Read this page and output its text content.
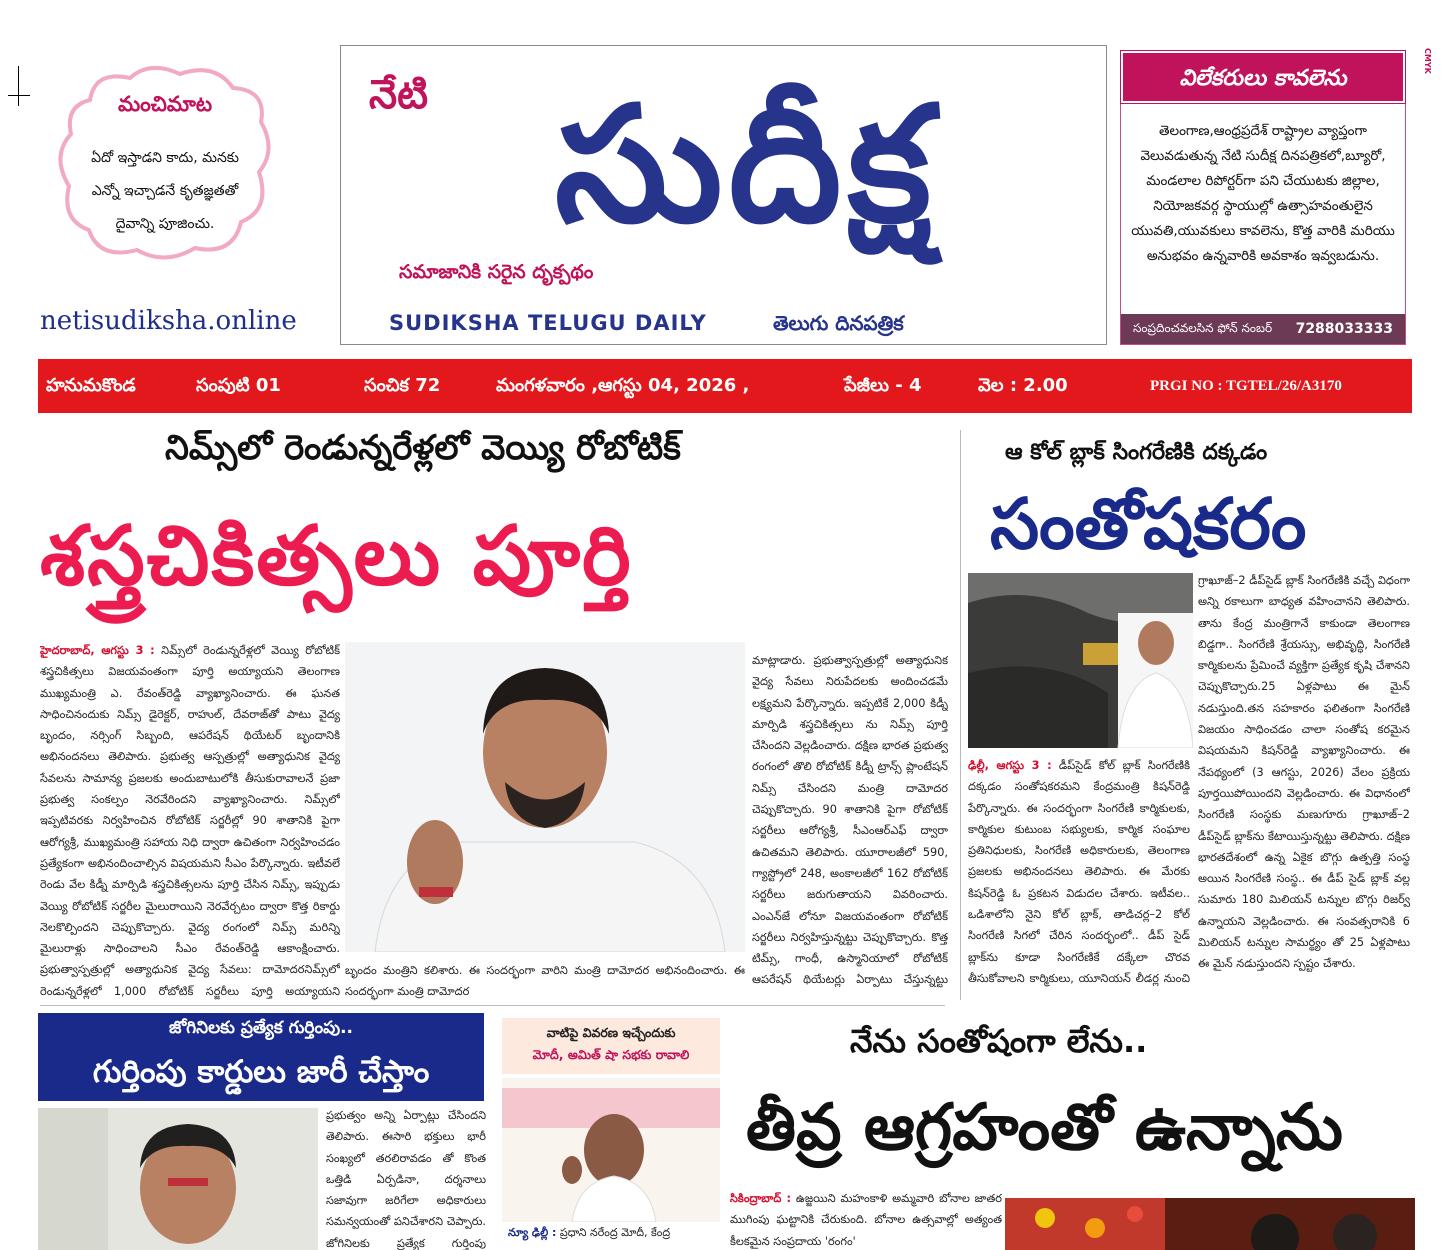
మంచిమాట
ఏదో ఇస్తాడని కాదు, మనకు ఎన్నో ఇచ్చాడనే కృతజ్ఞతతో దైవాన్ని పూజించు.
netisudiksha.online
నేటి సుదీక్ష
సమాజానికి సరైన దృక్పథం
SUDIKSHA TELUGU DAILY	తెలుగు దినపత్రిక
విలేకరులు కావలెను
తెలంగాణ,ఆంధ్రప్రదేశ్ రాష్ట్రాల వ్యాప్తంగా వెలువడుతున్న నేటి సుదీక్ష దినపత్రికలో,బ్యూరో, మండలాల రిపోర్టర్‌గా పని చేయుటకు జిల్లాల, నియోజకవర్గ స్థాయుల్లో ఉత్సాహవంతులైన యువతి,యువకులు కావలెను, కొత్త వారికి మరియు అనుభవం ఉన్నవారికి అవకాశం ఇవ్వబడును.
సంప్రదించవలసిన ఫోన్ నంబర్ 7288033333
CMYK
హనుమకొండ	సంపుటి 01	సంచిక 72	మంగళవారం ,ఆగస్టు 04, 2026 ,	పేజీలు - 4	వెల : 2.00	PRGI NO : TGTEL/26/A3170
నిమ్స్‌లో రెండున్నరేళ్లలో వెయ్యి రోబోటిక్
శస్త్రచికిత్సలు పూర్తి
హైదరాబాద్, ఆగస్టు 3 : నిమ్స్‌లో రెండున్నరేళ్లలో వెయ్యి రోబోటిక్ శస్త్రచికిత్సలు విజయవంతంగా పూర్తి అయ్యాయని తెలంగాణ ముఖ్యమంత్రి ఎ. రేవంత్‌రెడ్డి వ్యాఖ్యానించారు. ఈ ఘనత సాధించినందుకు నిమ్స్ డైరెక్టర్, రాహుల్, దేవరాజ్‌తో పాటు వైద్య బృందం, నర్సింగ్ సిబ్బంది, ఆపరేషన్ థియేటర్ బృందానికి అభినందనలు తెలిపారు. ప్రభుత్వ ఆస్పత్రుల్లో అత్యాధునిక వైద్య సేవలను సామాన్య ప్రజలకు అందుబాటులోకి తీసుకురావాలనే ప్రజా ప్రభుత్వ సంకల్పం నెరవేరిందని వ్యాఖ్యానించారు. నిమ్స్‌లో ఇప్పటివరకు నిర్వహించిన రోబోటిక్ సర్జరీల్లో 90 శాతానికి పైగా ఆరోగ్యశ్రీ, ముఖ్యమంత్రి సహాయ నిధి ద్వారా ఉచితంగా నిర్వహించడం ప్రత్యేకంగా అభినందించాల్సిన విషయమని సీఎం పేర్కొన్నారు. ఇటీవలే రెండు వేల కిడ్నీ మార్పిడి శస్త్రచికిత్సలను పూర్తి చేసిన నిమ్స్, ఇప్పుడు వెయ్యి రోబోటిక్ సర్జరీల మైలురాయిని నెరవేర్చటం ద్వారా కొత్త రికార్డు నెలకొల్పిందని చెప్పుకొచ్చారు. వైద్య రంగంలో నిమ్స్ మరిన్ని మైలురాళ్లు సాధించాలని సీఎం రేవంత్‌రెడ్డి ఆకాంక్షించారు. ప్రభుత్వాస్పత్రుల్లో అత్యాధునిక వైద్య సేవలు: దామోదరనిమ్స్‌లో రెండున్నరేళ్లలో 1,000 రోబోటిక్ సర్జరీలు పూర్తి అయ్యాయని
బృందం మంత్రిని కలిశారు. ఈ సందర్భంగా వారిని మంత్రి దామోదర అభినందించారు. ఈ సందర్భంగా మంత్రి దామోదర
మాట్లాడారు. ప్రభుత్వాస్పత్రుల్లో అత్యాధునిక వైద్య సేవలు నిరుపేదలకు అందించడమే లక్ష్యమని పేర్కొన్నారు. ఇప్పటికే 2,000 కిడ్నీ మార్పిడి శస్త్రచికిత్సలు ను నిమ్స్ పూర్తి చేసిందని వెల్లడించారు. దక్షిణ భారత ప్రభుత్వ రంగంలో తొలి రోబోటిక్ కిడ్నీ ట్రాన్స్ ప్లాంటేషన్ నిమ్స్ చేసిందని మంత్రి దామోదర చెప్పుకొచ్చారు. 90 శాతానికి పైగా రోబోటిక్ సర్జరీలు ఆరోగ్యశ్రీ, సీఎంఆర్ఎఫ్ ద్వారా ఉచితమని తెలిపారు. యూరాలజీలో 590, గ్యాస్ట్రోలో 248, అంకాలజీలో 162 రోబోటిక్ సర్జరీలు జరుగుతాయని వివరించారు. ఎంఎన్‌జే లోనూ విజయవంతంగా రోబోటిక్ సర్జరీలు నిర్వహిస్తున్నట్టు చెప్పుకొచ్చారు. కొత్త టిమ్స్, గాంధీ, ఉస్మానియాలో రోబోటిక్ ఆపరేషన్ థియేటర్లు ఏర్పాటు చేస్తున్నట్టు
ఆ కోల్ బ్లాక్ సింగరేణికి దక్కడం
సంతోషకరం
గ్రాఖూజ్–2 డీప్‌సైడ్ బ్లాక్ సింగరేణికి వచ్చే విధంగా అన్ని రకాలుగా బాధ్యత వహించానని తెలిపారు. తాను కేంద్ర మంత్రిగానే కాకుండా తెలంగాణ బిడ్డగా.. సింగరేణి శ్రేయస్సు, అభివృద్ధి, సింగరేణి కార్మికులను ప్రేమించే వ్యక్తిగా ప్రత్యేక కృషి చేశానని చెప్పుకొచ్చారు.25 ఏళ్లపాటు ఈ మైన్ నడుస్తుంది.తన సహకారం ఫలితంగా సింగరేణి విజయం సాధించడం చాలా సంతోష కరమైన విషయమని కిషన్‌రెడ్డి వ్యాఖ్యానించారు. ఈ నేపథ్యంలో (3 ఆగస్టు, 2026) వేలం ప్రక్రియ పూర్తయిపోయిందని వెల్లడించారు. ఈ విధానంలో సింగరేణి సంస్థకు మణుగూరు గ్రాఖూజ్–2 డీప్‌సైడ్ బ్లాక్‌ను కేటాయిస్తున్నట్టు తెలిపారు. దక్షిణ భారతదేశంలో ఉన్న ఏకైక బొగ్గు ఉత్పత్తి సంస్థ అయిన సింగరేణి సంస్థ.. ఈ డీప్ సైడ్ బ్లాక్ వల్ల సుమారు 180 మిలియన్ టన్నుల బొగ్గు రిజర్వ్ ఉన్నాయని వెల్లడించారు. ఈ సంవత్సరానికి 6 మిలియన్ టన్నుల సామర్థ్యం తో 25 ఏళ్లపాటు ఈ మైన్ నడుస్తుందని స్పష్టం చేశారు.
ఢిల్లీ, ఆగస్టు 3 : డీప్‌సైడ్ కోల్ బ్లాక్ సింగరేణికి దక్కడం సంతోషకరమని కేంద్రమంత్రి కిషన్‌రెడ్డి పేర్కొన్నారు. ఈ సందర్భంగా సింగరేణి కార్మికులకు, కార్మికుల కుటుంబ సభ్యులకు, కార్మిక సంఘాల ప్రతినిధులకు, సింగరేణి అధికారులకు, తెలంగాణ ప్రజలకు అభినందనలు తెలిపారు. ఈ మేరకు కిషన్‌రెడ్డి ఓ ప్రకటన విడుదల చేశారు. ఇటీవల.. ఒడిశాలోని నైని కోల్ బ్లాక్, తాడిచర్ల–2 కోల్ సింగరేణి సిగలో చేరిన సందర్భంలో.. డీప్ సైడ్ బ్లాక్‌ను కూడా సింగరేణికే దక్కేలా చొరవ తీసుకోవాలని కార్మికులు, యూనియన్ లీడర్ల నుంచి
జోగినిలకు ప్రత్యేక గుర్తింపు..
గుర్తింపు కార్డులు జారీ చేస్తాం
ప్రభుత్వం అన్ని ఏర్పాట్లు చేసిందని తెలిపారు. ఈసారి భక్తులు భారీ సంఖ్యలో తరలిరావడం తో కొంత ఒత్తిడి ఏర్పడినా, దర్శనాలు సజావుగా జరిగేలా అధికారులు సమన్వయంతో పనిచేశారని చెప్పారు. జోగినిలకు ప్రత్యేక గుర్తింపు
వాటిపై వివరణ ఇచ్చేందుకు
మోదీ, అమిత్ షా సభకు రావాలి
న్యూ ఢిల్లీ : ప్రధాని నరేంద్ర మోదీ, కేంద్ర
నేను సంతోషంగా లేను..
తీవ్ర ఆగ్రహంతో ఉన్నాను
సికింద్రాబాద్ : ఉజ్జయిని మహంకాళి అమ్మవారి బోనాల జాతర ముగింపు ఘట్టానికి చేరుకుంది. బోనాల ఉత్సవాల్లో అత్యంత కీలకమైన సంప్రదాయ 'రంగం'
